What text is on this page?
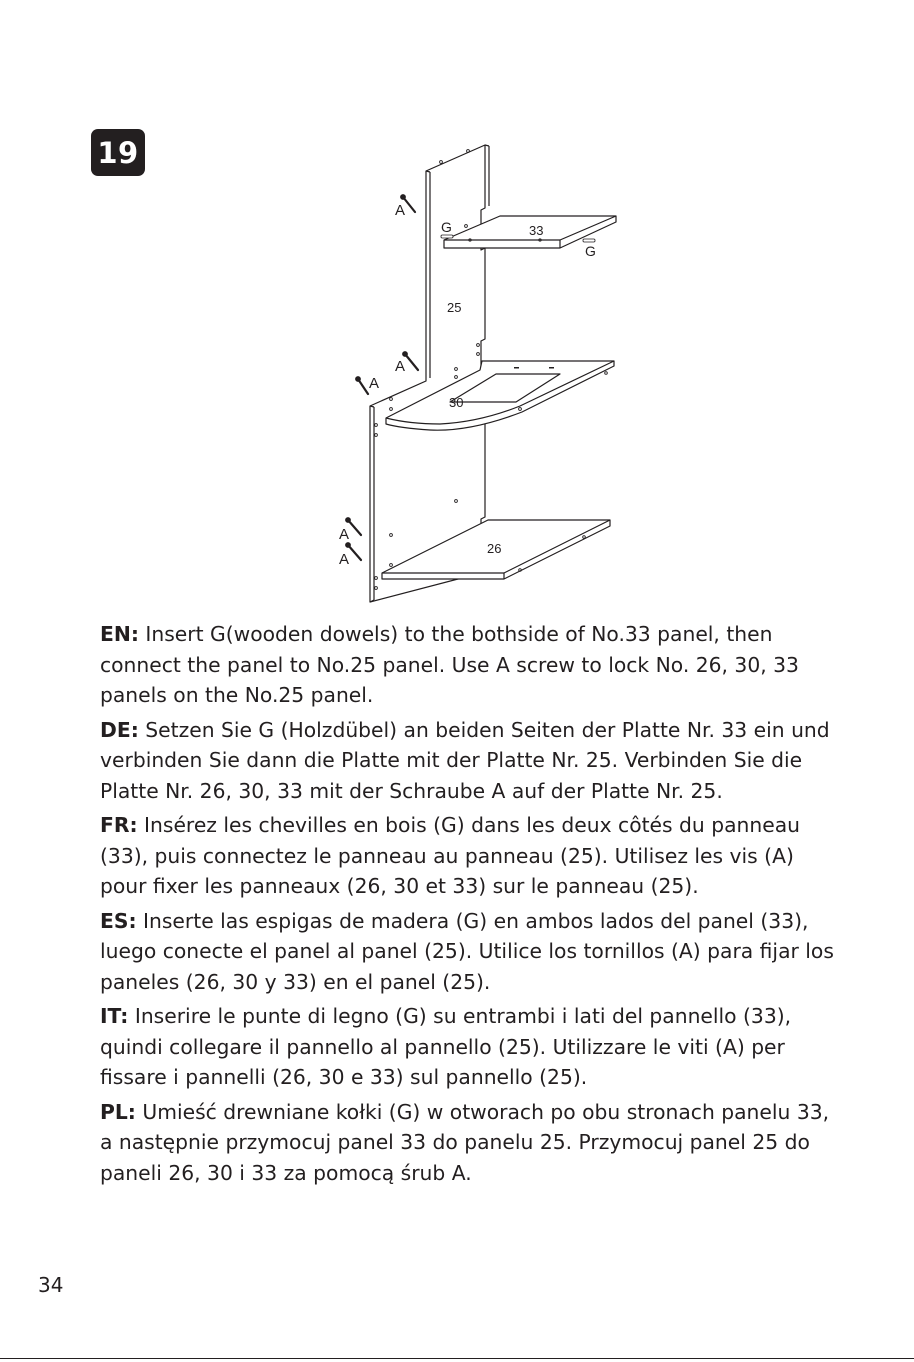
19
A
A
A
A
A
G
G
33
25
30
26

EN: Insert G(wooden dowels) to the bothside of No.33 panel, then connect the panel to No.25 panel. Use A screw to lock No. 26, 30, 33 panels on the No.25 panel.

DE: Setzen Sie G (Holzdübel) an beiden Seiten der Platte Nr. 33 ein und verbinden Sie dann die Platte mit der Platte Nr. 25. Verbinden Sie die Platte Nr. 26, 30, 33 mit der Schraube A auf der Platte Nr. 25.

FR: Insérez les chevilles en bois (G) dans les deux côtés du panneau (33), puis connectez le panneau au panneau (25). Utilisez les vis (A) pour fixer les panneaux (26, 30 et 33) sur le panneau (25).

ES: Inserte las espigas de madera (G) en ambos lados del panel (33), luego conecte el panel al panel (25). Utilice los tornillos (A) para fijar los paneles (26, 30 y 33) en el panel (25).

IT: Inserire le punte di legno (G) su entrambi i lati del pannello (33), quindi collegare il pannello al pannello (25). Utilizzare le viti (A) per fissare i pannelli (26, 30 e 33) sul pannello (25).

PL: Umieść drewniane kołki (G) w otworach po obu stronach panelu 33, a następnie przymocuj panel 33 do panelu 25. Przymocuj panel 25 do paneli 26, 30 i 33 za pomocą śrub A.

34
